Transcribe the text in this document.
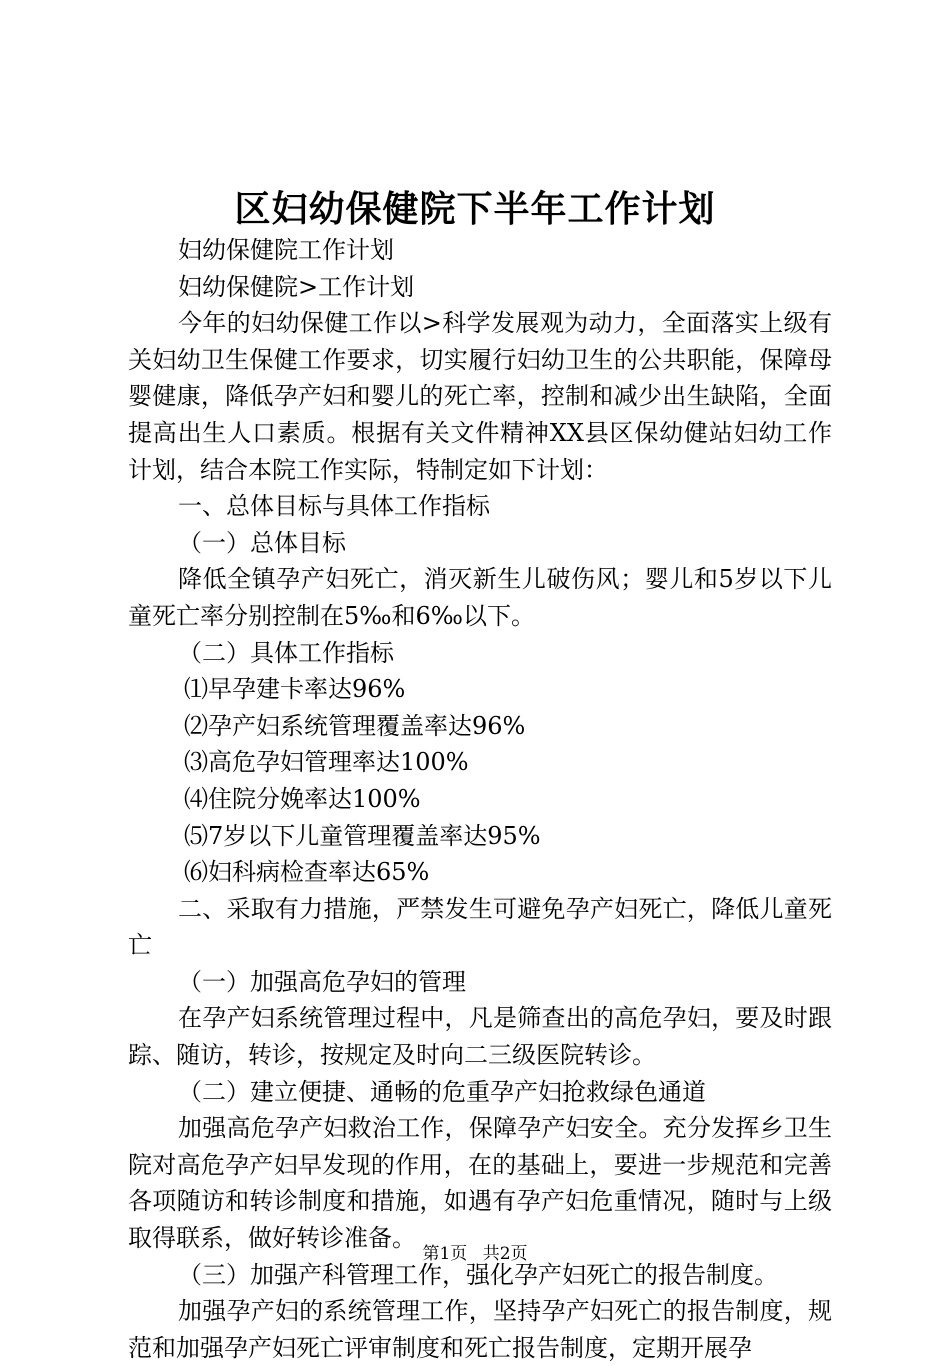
区妇幼保健院下半年工作计划

妇幼保健院工作计划

妇幼保健院>工作计划

今年的妇幼保健工作以>科学发展观为动力，全面落实上级有关妇幼卫生保健工作要求，切实履行妇幼卫生的公共职能，保障母婴健康，降低孕产妇和婴儿的死亡率，控制和减少出生缺陷，全面提高出生人口素质。根据有关文件精神XX县区保幼健站妇幼工作计划，结合本院工作实际，特制定如下计划：

一、总体目标与具体工作指标

（一）总体目标

降低全镇孕产妇死亡，消灭新生儿破伤风；婴儿和5岁以下儿童死亡率分别控制在5‰和6‰以下。

（二）具体工作指标

⑴早孕建卡率达96%

⑵孕产妇系统管理覆盖率达96%

⑶高危孕妇管理率达100%

⑷住院分娩率达100%

⑸7岁以下儿童管理覆盖率达95%

⑹妇科病检查率达65%

二、采取有力措施，严禁发生可避免孕产妇死亡，降低儿童死亡

（一）加强高危孕妇的管理

在孕产妇系统管理过程中，凡是筛查出的高危孕妇，要及时跟踪、随访，转诊，按规定及时向二三级医院转诊。

（二）建立便捷、通畅的危重孕产妇抢救绿色通道

加强高危孕产妇救治工作，保障孕产妇安全。充分发挥乡卫生院对高危孕产妇早发现的作用，在的基础上，要进一步规范和完善各项随访和转诊制度和措施，如遇有孕产妇危重情况，随时与上级取得联系，做好转诊准备。

（三）加强产科管理工作，强化孕产妇死亡的报告制度。

加强孕产妇的系统管理工作，坚持孕产妇死亡的报告制度，规范和加强孕产妇死亡评审制度和死亡报告制度，定期开展孕

第1页 共2页
